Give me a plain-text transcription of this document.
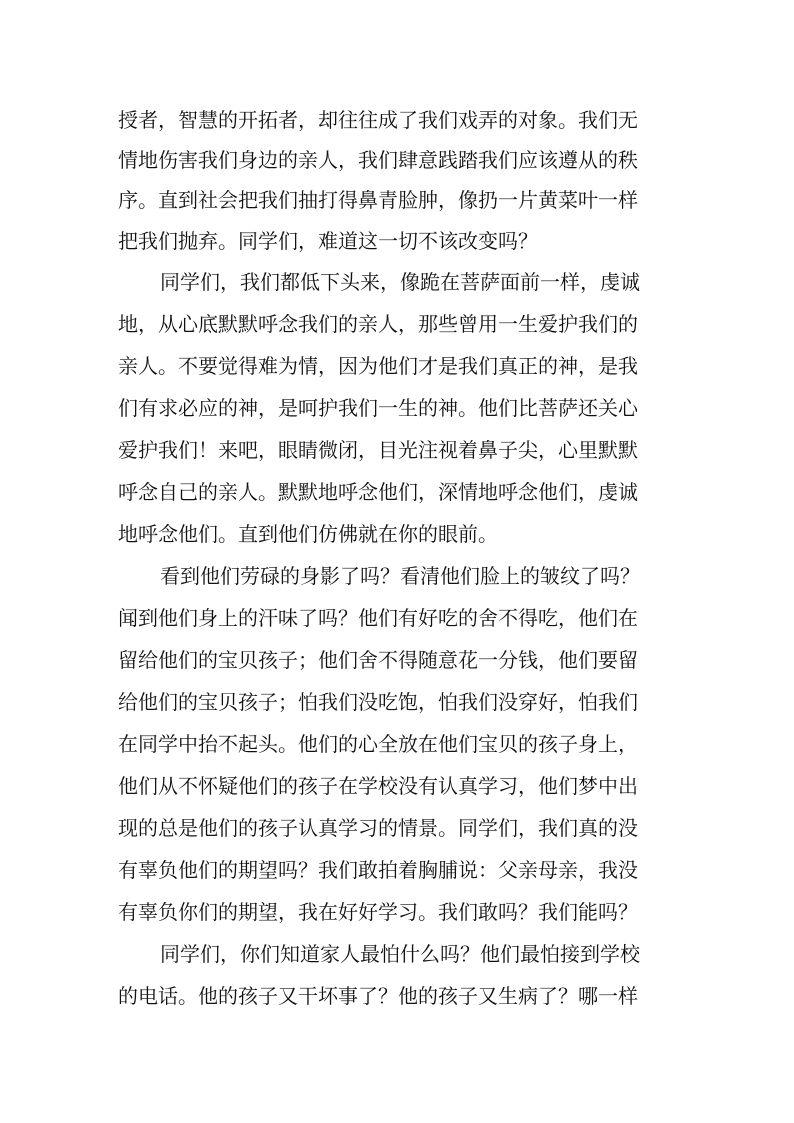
授者，智慧的开拓者，却往往成了我们戏弄的对象。我们无
情地伤害我们身边的亲人，我们肆意践踏我们应该遵从的秩
序。直到社会把我们抽打得鼻青脸肿，像扔一片黄菜叶一样
把我们抛弃。同学们，难道这一切不该改变吗？
同学们，我们都低下头来，像跪在菩萨面前一样，虔诚
地，从心底默默呼念我们的亲人，那些曾用一生爱护我们的
亲人。不要觉得难为情，因为他们才是我们真正的神，是我
们有求必应的神，是呵护我们一生的神。他们比菩萨还关心
爱护我们！来吧，眼睛微闭，目光注视着鼻子尖，心里默默
呼念自己的亲人。默默地呼念他们，深情地呼念他们，虔诚
地呼念他们。直到他们仿佛就在你的眼前。
看到他们劳碌的身影了吗？看清他们脸上的皱纹了吗？
闻到他们身上的汗味了吗？他们有好吃的舍不得吃，他们在
留给他们的宝贝孩子；他们舍不得随意花一分钱，他们要留
给他们的宝贝孩子；怕我们没吃饱，怕我们没穿好，怕我们
在同学中抬不起头。他们的心全放在他们宝贝的孩子身上，
他们从不怀疑他们的孩子在学校没有认真学习，他们梦中出
现的总是他们的孩子认真学习的情景。同学们，我们真的没
有辜负他们的期望吗？我们敢拍着胸脯说：父亲母亲，我没
有辜负你们的期望，我在好好学习。我们敢吗？我们能吗？
同学们，你们知道家人最怕什么吗？他们最怕接到学校
的电话。他的孩子又干坏事了？他的孩子又生病了？哪一样
